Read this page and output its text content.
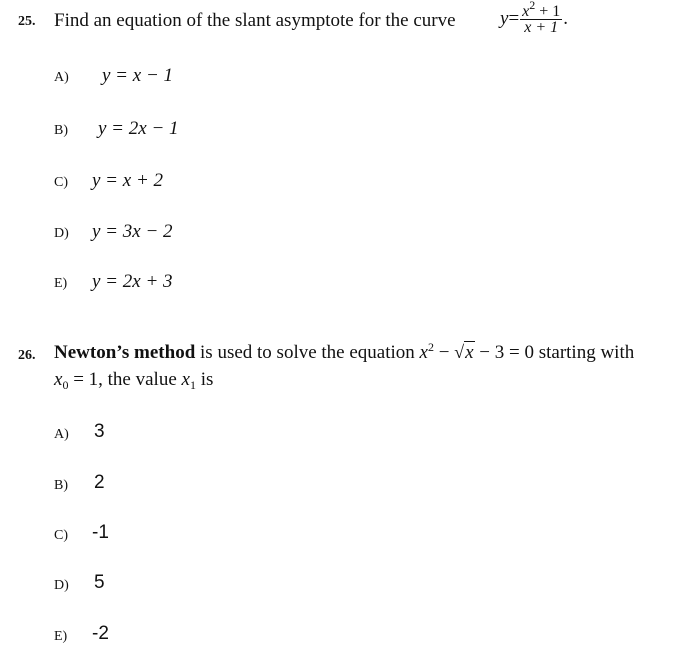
25. Find an equation of the slant asymptote for the curve $y= \frac{x^2 + 1}{x + 1}$ .
A) y = x − 1
B) y = 2x − 1
C) y = x + 2
D) y = 3x − 2
E) y = 2x + 3
26. Newton’s method is used to solve the equation $x^2 - √x - 3 = 0$ starting with
$x_0 = 1$, the value $x_1$ is
A) 3
B) 2
C) -1
D) 5
E) -2
